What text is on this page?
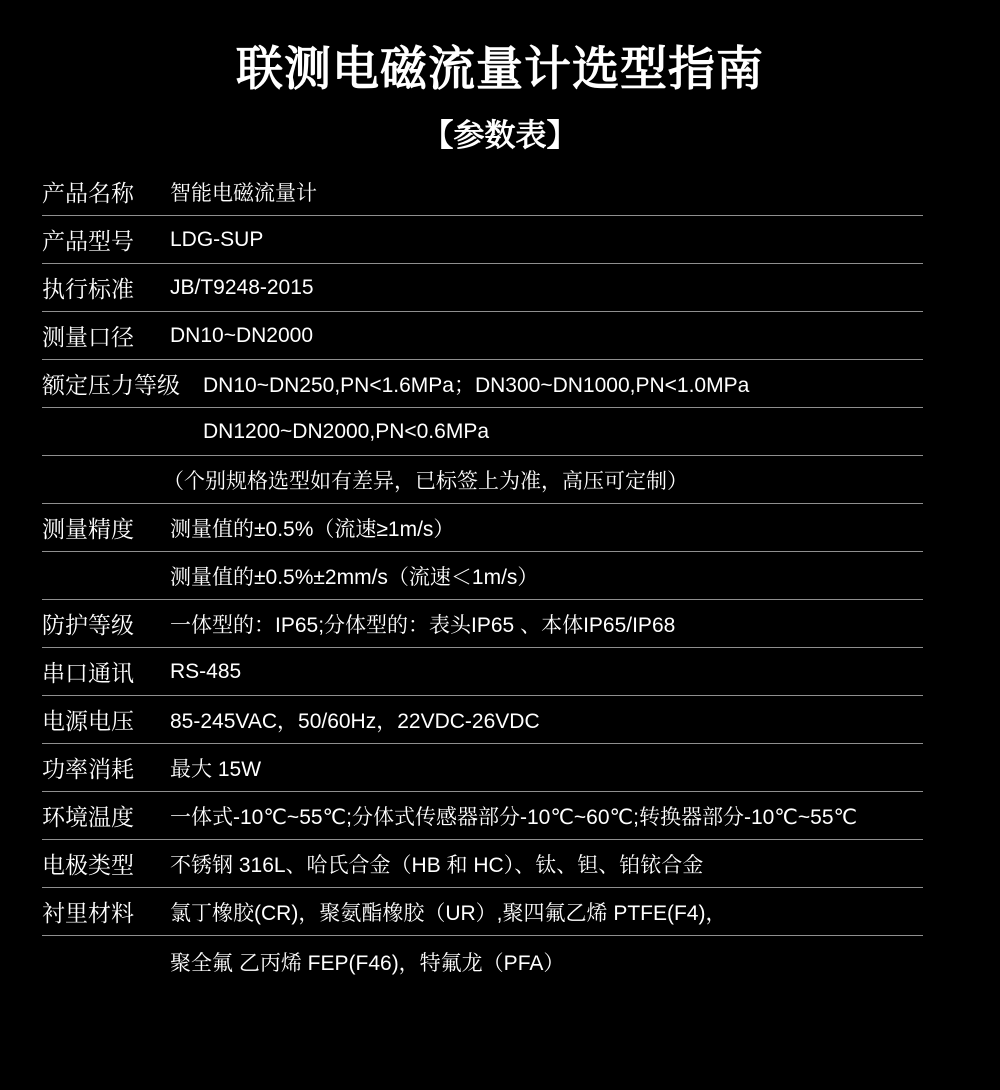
联测电磁流量计选型指南
【参数表】
产品名称	智能电磁流量计
产品型号	LDG-SUP
执行标准	JB/T9248-2015
测量口径	DN10~DN2000
额定压力等级	DN10~DN250,PN<1.6MPa；DN300~DN1000,PN<1.0MPa
DN1200~DN2000,PN<0.6MPa
（个别规格选型如有差异，已标签上为准，高压可定制）
测量精度	测量值的±0.5%（流速≥1m/s）
测量值的±0.5%±2mm/s（流速＜1m/s）
防护等级	一体型的：IP65;分体型的：表头IP65 、本体IP65/IP68
串口通讯	RS-485
电源电压	85-245VAC，50/60Hz，22VDC-26VDC
功率消耗	最大 15W
环境温度	一体式-10℃~55℃;分体式传感器部分-10℃~60℃;转换器部分-10℃~55℃
电极类型	不锈钢 316L、哈氏合金（HB 和 HC）、钛、钽、铂铱合金
衬里材料	氯丁橡胶(CR)，聚氨酯橡胶（UR）,聚四氟乙烯 PTFE(F4)，
聚全氟 乙丙烯 FEP(F46)，特氟龙（PFA）
